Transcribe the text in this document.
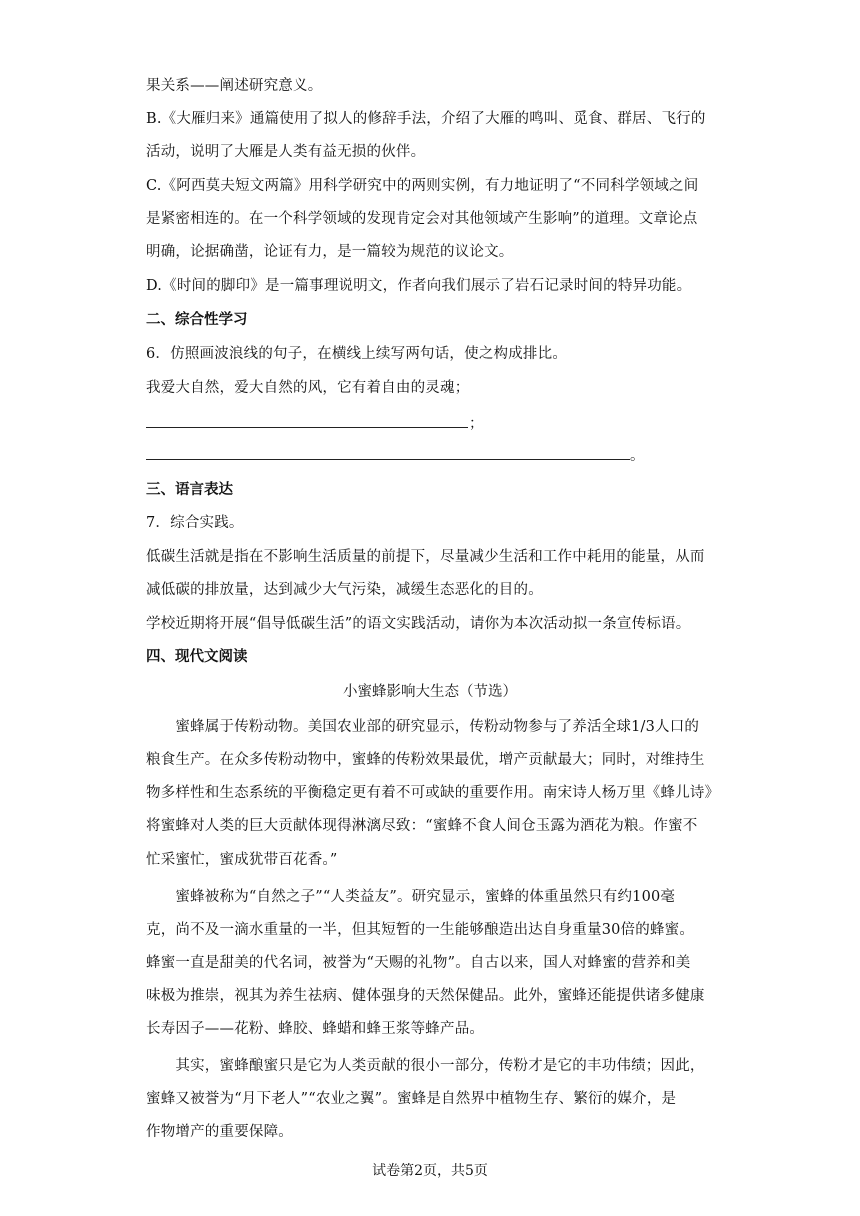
果关系——阐述研究意义。
B.《大雁归来》通篇使用了拟人的修辞手法，介绍了大雁的鸣叫、觅食、群居、飞行的
活动，说明了大雁是人类有益无损的伙伴。
C.《阿西莫夫短文两篇》用科学研究中的两则实例，有力地证明了“不同科学领域之间
是紧密相连的。在一个科学领域的发现肯定会对其他领域产生影响”的道理。文章论点
明确，论据确凿，论证有力，是一篇较为规范的议论文。
D.《时间的脚印》是一篇事理说明文，作者向我们展示了岩石记录时间的特异功能。
二、综合性学习
6．仿照画波浪线的句子，在横线上续写两句话，使之构成排比。
我爱大自然，爱大自然的风，它有着自由的灵魂；
；
。
三、语言表达
7．综合实践。
低碳生活就是指在不影响生活质量的前提下，尽量减少生活和工作中耗用的能量，从而
减低碳的排放量，达到减少大气污染，减缓生态恶化的目的。
学校近期将开展“倡导低碳生活”的语文实践活动，请你为本次活动拟一条宣传标语。
四、现代文阅读
小蜜蜂影响大生态（节选）
　　蜜蜂属于传粉动物。美国农业部的研究显示，传粉动物参与了养活全球1/3人口的
粮食生产。在众多传粉动物中，蜜蜂的传粉效果最优，增产贡献最大；同时，对维持生
物多样性和生态系统的平衡稳定更有着不可或缺的重要作用。南宋诗人杨万里《蜂儿诗》
将蜜蜂对人类的巨大贡献体现得淋漓尽致：“蜜蜂不食人间仓玉露为酒花为粮。作蜜不
忙采蜜忙，蜜成犹带百花香。”
　　蜜蜂被称为“自然之子”“人类益友”。研究显示，蜜蜂的体重虽然只有约100毫
克，尚不及一滴水重量的一半，但其短暂的一生能够酿造出达自身重量30倍的蜂蜜。
蜂蜜一直是甜美的代名词，被誉为“天赐的礼物”。自古以来，国人对蜂蜜的营养和美
味极为推崇，视其为养生祛病、健体强身的天然保健品。此外，蜜蜂还能提供诸多健康
长寿因子——花粉、蜂胶、蜂蜡和蜂王浆等蜂产品。
　　其实，蜜蜂酿蜜只是它为人类贡献的很小一部分，传粉才是它的丰功伟绩；因此，
蜜蜂又被誉为“月下老人”“农业之翼”。蜜蜂是自然界中植物生存、繁衍的媒介，是
作物增产的重要保障。
试卷第2页，共5页
